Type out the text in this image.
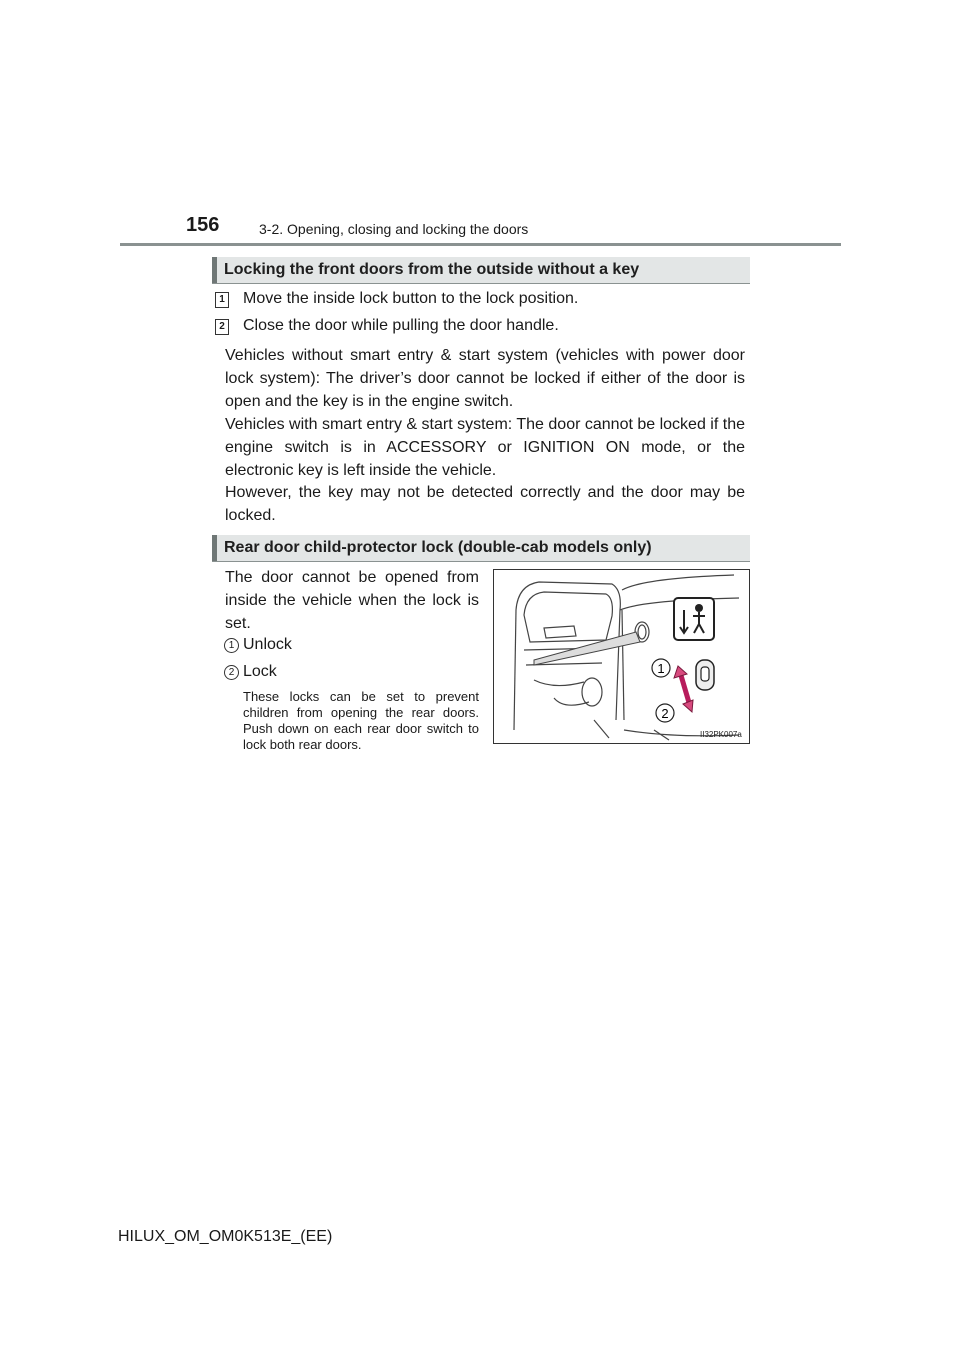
156	3-2. Opening, closing and locking the doors
Locking the front doors from the outside without a key
1 Move the inside lock button to the lock position.
2 Close the door while pulling the door handle.
Vehicles without smart entry & start system (vehicles with power door lock system): The driver’s door cannot be locked if either of the door is open and the key is in the engine switch.
Vehicles with smart entry & start system: The door cannot be locked if the engine switch is in ACCESSORY or IGNITION ON mode, or the electronic key is left inside the vehicle.
However, the key may not be detected correctly and the door may be locked.
Rear door child-protector lock (double-cab models only)
The door cannot be opened from inside the vehicle when the lock is set.
1 Unlock
2 Lock
These locks can be set to prevent children from opening the rear doors. Push down on each rear door switch to lock both rear doors.
1
2
II32PK007a
HILUX_OM_OM0K513E_(EE)
